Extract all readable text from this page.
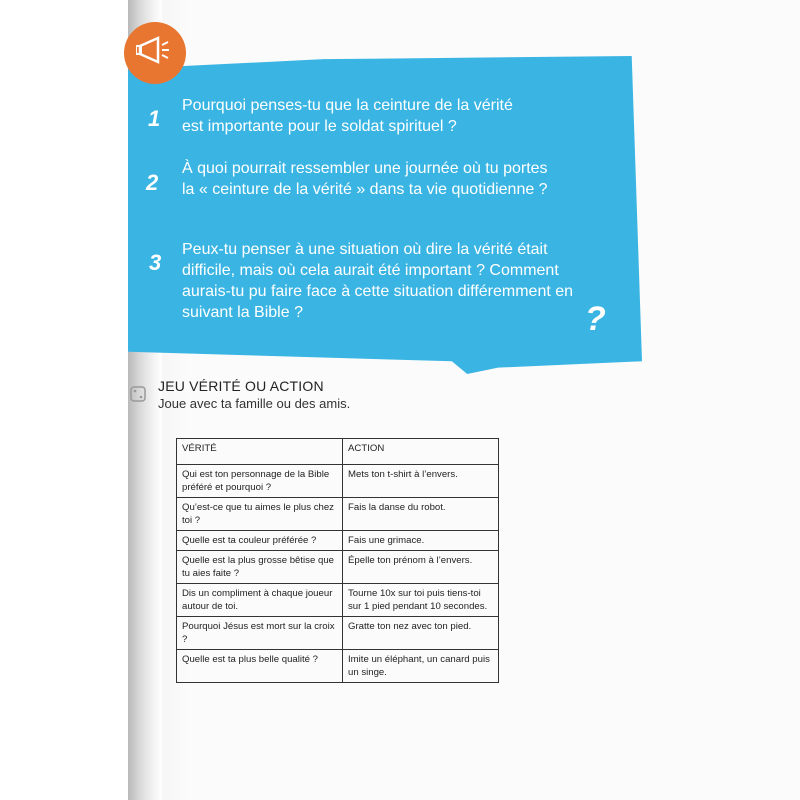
1
Pourquoi penses-tu que la ceinture de la vérité est importante pour le soldat spirituel ?
2
À quoi pourrait ressembler une journée où tu portes la « ceinture de la vérité » dans ta vie quotidienne ?
3
Peux-tu penser à une situation où dire la vérité était difficile, mais où cela aurait été important ? Comment aurais-tu pu faire face à cette situation différemment en suivant la Bible ?	?
JEU VÉRITÉ OU ACTION
Joue avec ta famille ou des amis.
VÉRITÉ	ACTION
Qui est ton personnage de la Bible préféré et pourquoi ?	Mets ton t-shirt à l’envers.
Qu’est-ce que tu aimes le plus chez toi ?	Fais la danse du robot.
Quelle est ta couleur préférée ?	Fais une grimace.
Quelle est la plus grosse bêtise que tu aies faite ?	Épelle ton prénom à l’envers.
Dis un compliment à chaque joueur autour de toi.	Tourne 10x sur toi puis tiens-toi sur 1 pied pendant 10 secondes.
Pourquoi Jésus est mort sur la croix ?	Gratte ton nez avec ton pied.
Quelle est ta plus belle qualité ?	Imite un éléphant, un canard puis un singe.
